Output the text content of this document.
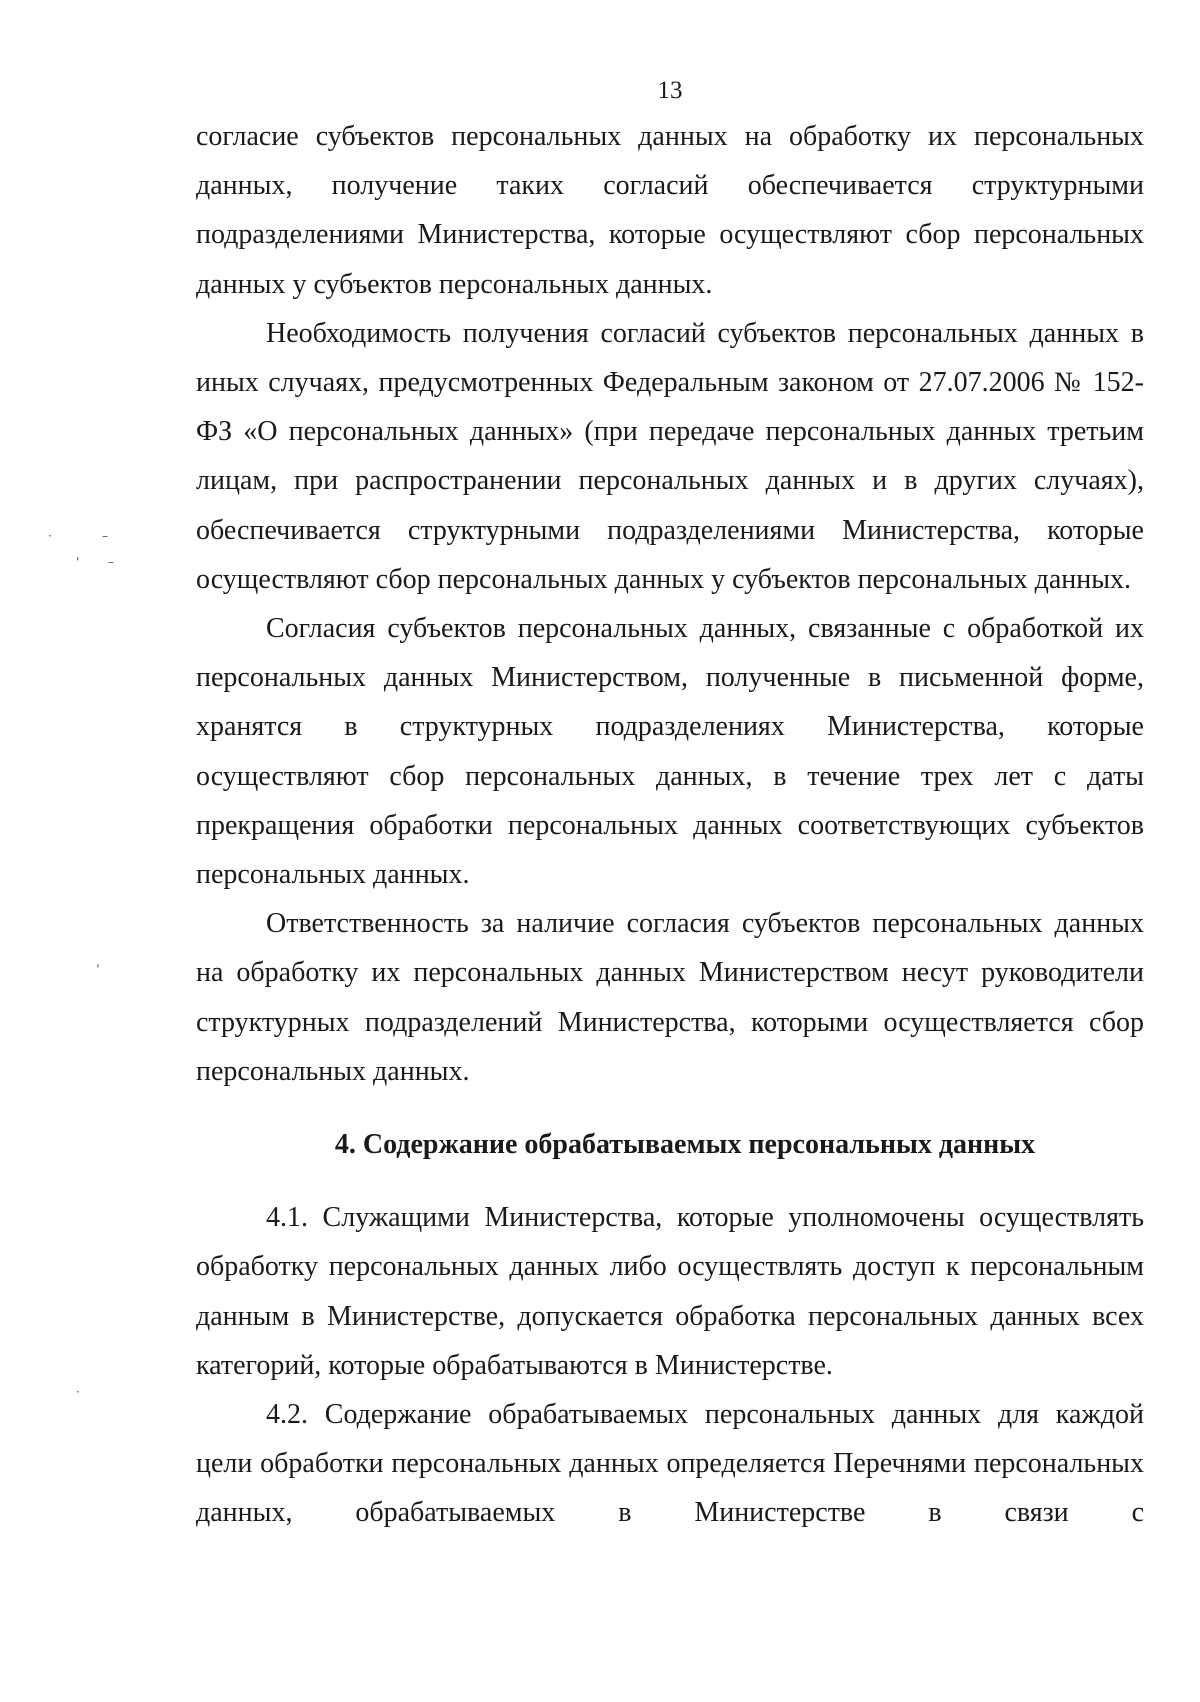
13

согласие субъектов персональных данных на обработку их персональных данных, получение таких согласий обеспечивается структурными подразделениями Министерства, которые осуществляют сбор персональных данных у субъектов персональных данных.

Необходимость получения согласий субъектов персональных данных в иных случаях, предусмотренных Федеральным законом от 27.07.2006 № 152-ФЗ «О персональных данных» (при передаче персональных данных третьим лицам, при распространении персональных данных и в других случаях), обеспечивается структурными подразделениями Министерства, которые осуществляют сбор персональных данных у субъектов персональных данных.

Согласия субъектов персональных данных, связанные с обработкой их персональных данных Министерством, полученные в письменной форме, хранятся в структурных подразделениях Министерства, которые осуществляют сбор персональных данных, в течение трех лет с даты прекращения обработки персональных данных соответствующих субъектов персональных данных.

Ответственность за наличие согласия субъектов персональных данных на обработку их персональных данных Министерством несут руководители структурных подразделений Министерства, которыми осуществляется сбор персональных данных.

4. Содержание обрабатываемых персональных данных

4.1. Служащими Министерства, которые уполномочены осуществлять обработку персональных данных либо осуществлять доступ к персональным данным в Министерстве, допускается обработка персональных данных всех категорий, которые обрабатываются в Министерстве.

4.2. Содержание обрабатываемых персональных данных для каждой цели обработки персональных данных определяется Перечнями персональных данных, обрабатываемых в Министерстве в связи с

·	–
' –
‚
·
